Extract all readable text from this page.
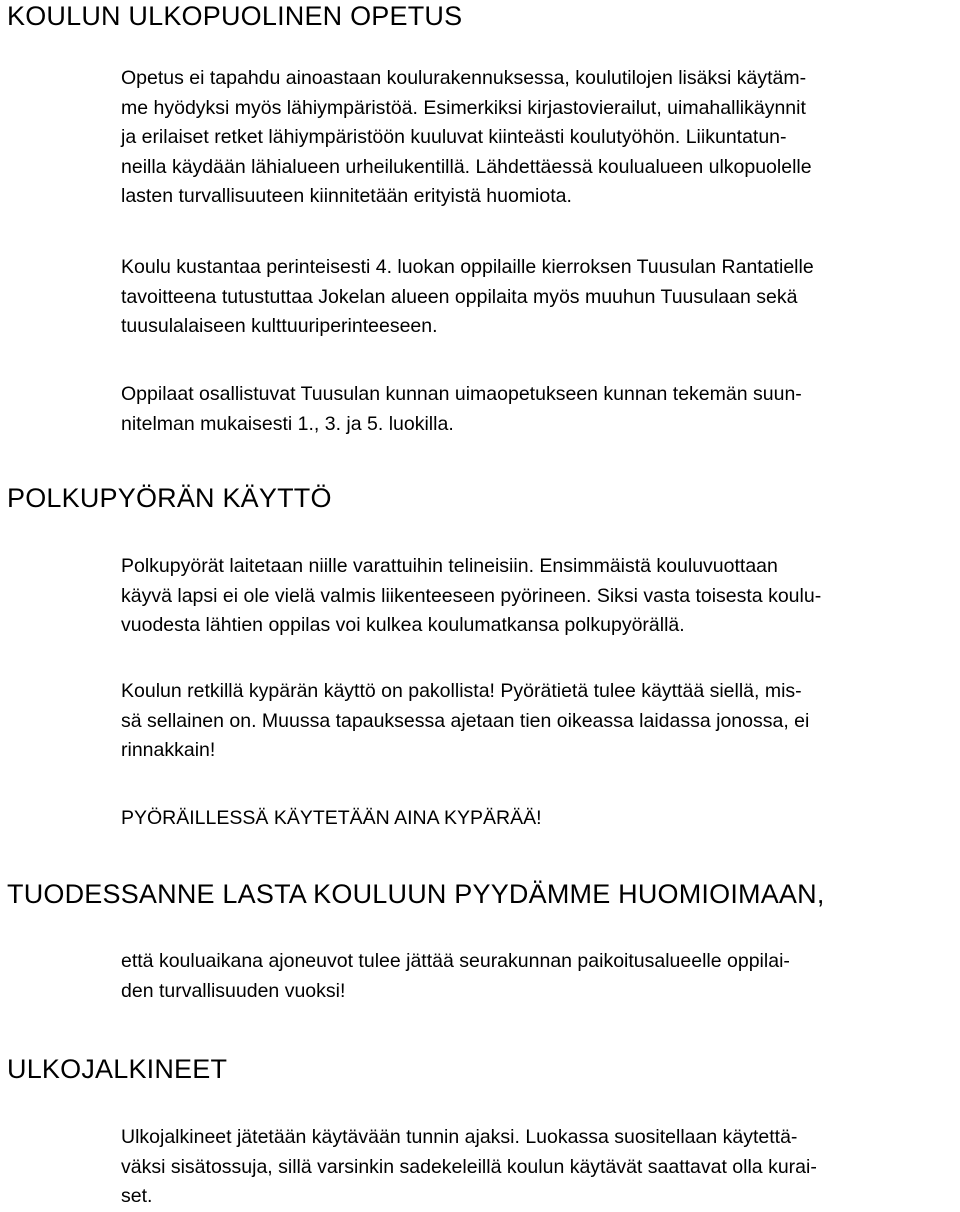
KOULUN ULKOPUOLINEN OPETUS

Opetus ei tapahdu ainoastaan koulurakennuksessa, koulutilojen lisäksi käytäm-
me hyödyksi myös lähiympäristöä. Esimerkiksi kirjastovierailut, uimahallikäynnit
ja erilaiset retket lähiympäristöön kuuluvat kiinteästi koulutyöhön. Liikuntatun-
neilla käydään lähialueen urheilukentillä. Lähdettäessä koulualueen ulkopuolelle
lasten turvallisuuteen kiinnitetään erityistä huomiota.

Koulu kustantaa perinteisesti 4. luokan oppilaille kierroksen Tuusulan Rantatielle
tavoitteena tutustuttaa Jokelan alueen oppilaita myös muuhun Tuusulaan sekä
tuusulalaiseen kulttuuriperinteeseen.

Oppilaat osallistuvat Tuusulan kunnan uimaopetukseen kunnan tekemän suun-
nitelman mukaisesti 1., 3. ja 5. luokilla.

POLKUPYÖRÄN KÄYTTÖ

Polkupyörät laitetaan niille varattuihin telineisiin. Ensimmäistä kouluvuottaan
käyvä lapsi ei ole vielä valmis liikenteeseen pyörineen. Siksi vasta toisesta koulu-
vuodesta lähtien oppilas voi kulkea koulumatkansa polkupyörällä.

Koulun retkillä kypärän käyttö on pakollista! Pyörätietä tulee käyttää siellä, mis-
sä sellainen on. Muussa tapauksessa ajetaan tien oikeassa laidassa jonossa, ei
rinnakkain!

PYÖRÄILLESSÄ KÄYTETÄÄN AINA KYPÄRÄÄ!

TUODESSANNE LASTA KOULUUN PYYDÄMME HUOMIOIMAAN,

että kouluaikana ajoneuvot tulee jättää seurakunnan paikoitusalueelle oppilai-
den turvallisuuden vuoksi!

ULKOJALKINEET

Ulkojalkineet jätetään käytävään tunnin ajaksi. Luokassa suositellaan käytettä-
väksi sisätossuja, sillä varsinkin sadekeleillä koulun käytävät saattavat olla kurai-
set.
